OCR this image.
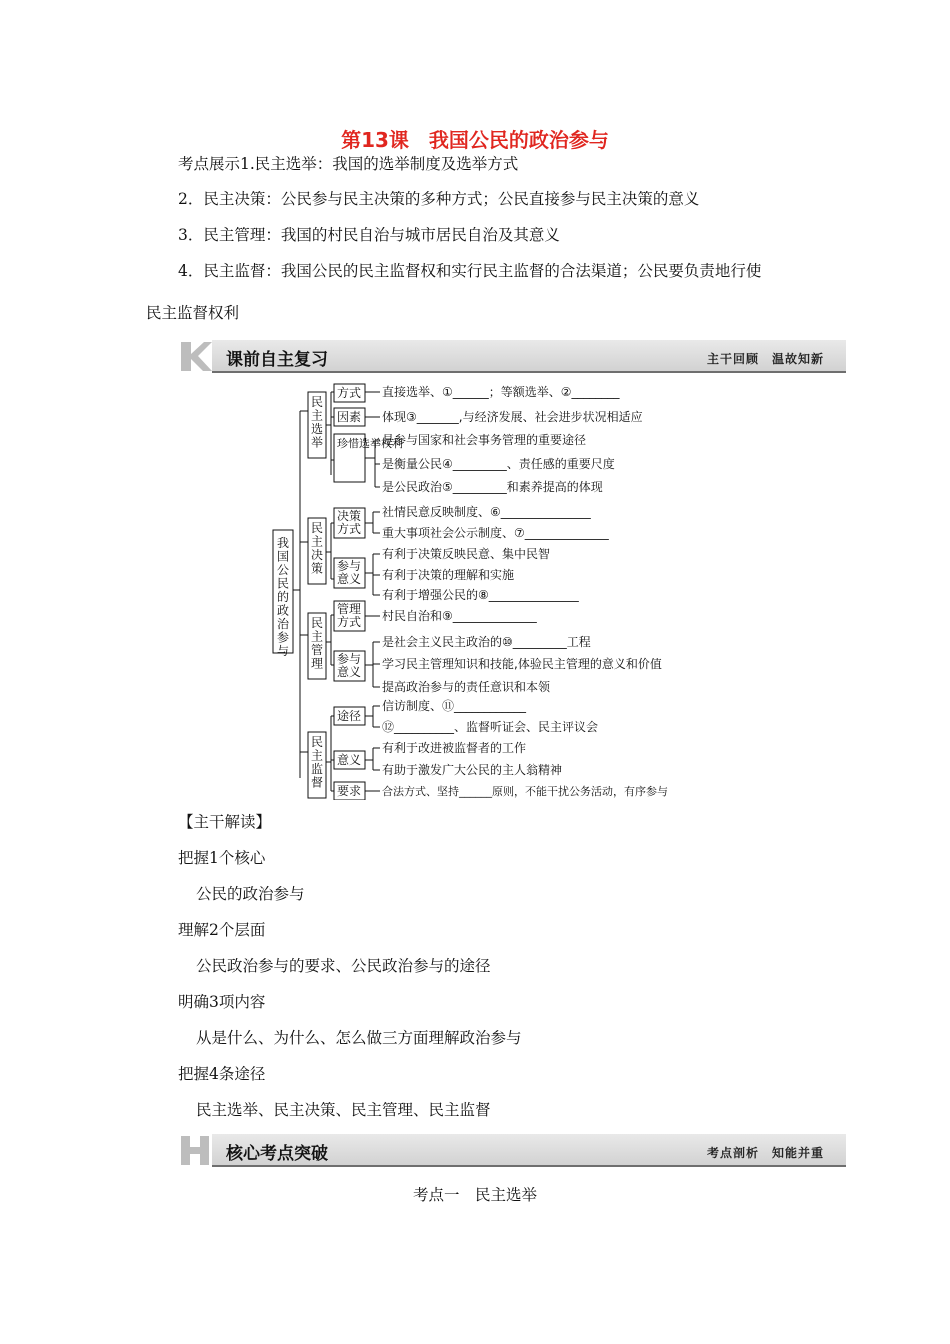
第13课　我国公民的政治参与
考点展示1.民主选举：我国的选举制度及选举方式
2．民主决策：公民参与民主决策的多种方式；公民直接参与民主决策的意义
3．民主管理：我国的村民自治与城市居民自治及其意义
4．民主监督：我国公民的民主监督权和实行民主监督的合法渠道；公民要负责地行使
民主监督权利
课前自主复习	主干回顾　温故知新
我国公民的政治参与
民主选举
方式
因素
珍惜选举权利
直接选举、①______；等额选举、②________
体现③_______,与经济发展、社会进步状况相适应
是参与国家和社会事务管理的重要途径
是衡量公民④_________、责任感的重要尺度
是公民政治⑤_________和素养提高的体现
民主决策
决策方式
参与意义
社情民意反映制度、⑥_______________
重大事项社会公示制度、⑦______________
有利于决策反映民意、集中民智
有利于决策的理解和实施
有利于增强公民的⑧_______________
民主管理
管理方式
参与意义
村民自治和⑨______________
是社会主义民主政治的⑩_________工程
学习民主管理知识和技能,体验民主管理的意义和价值
提高政治参与的责任意识和本领
民主监督
途径
意义
要求
信访制度、⑪____________
⑫__________、监督听证会、民主评议会
有利于改进被监督者的工作
有助于激发广大公民的主人翁精神
合法方式、坚持______原则，不能干扰公务活动，有序参与
【主干解读】
把握1个核心
公民的政治参与
理解2个层面
公民政治参与的要求、公民政治参与的途径
明确3项内容
从是什么、为什么、怎么做三方面理解政治参与
把握4条途径
民主选举、民主决策、民主管理、民主监督
核心考点突破	考点剖析　知能并重
考点一　民主选举
